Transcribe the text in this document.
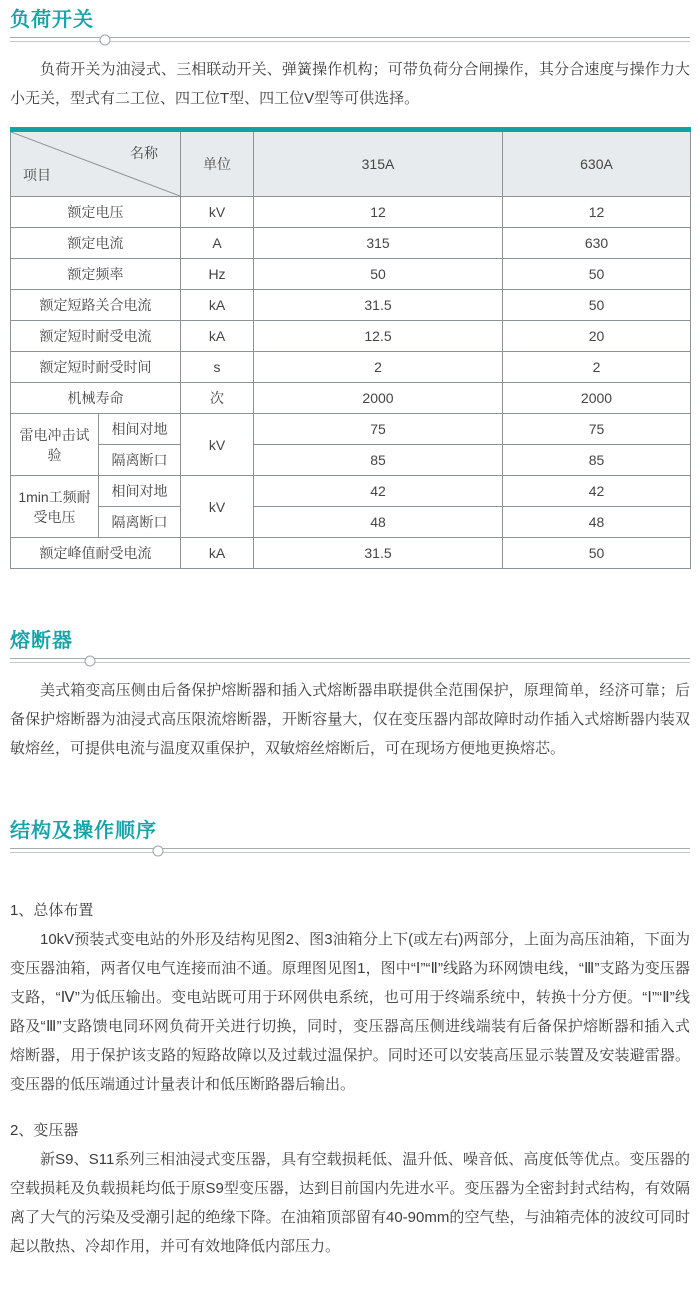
负荷开关

负荷开关为油浸式、三相联动开关、弹簧操作机构；可带负荷分合闸操作，其分合速度与操作力大小无关，型式有二工位、四工位T型、四工位V型等可供选择。

名称
项目		单位	315A	630A
额定电压		kV	12	12
额定电流		A	315	630
额定频率		Hz	50	50
额定短路关合电流		kA	31.5	50
额定短时耐受电流		kA	12.5	20
额定短时耐受时间		s	2	2
机械寿命		次	2000	2000
雷电冲击试验	相间对地	kV	75	75
	隔离断口		85	85
1min工频耐受电压	相间对地	kV	42	42
	隔离断口		48	48
额定峰值耐受电流		kA	31.5	50
熔断器

美式箱变高压侧由后备保护熔断器和插入式熔断器串联提供全范围保护，原理简单，经济可靠；后备保护熔断器为油浸式高压限流熔断器，开断容量大，仅在变压器内部故障时动作插入式熔断器内装双敏熔丝，可提供电流与温度双重保护，双敏熔丝熔断后，可在现场方便地更换熔芯。

结构及操作顺序
1、总体布置

10kV预装式变电站的外形及结构见图2、图3油箱分上下(或左右)两部分，上面为高压油箱，下面为变压器油箱，两者仅电气连接而油不通。原理图见图1，图中“Ⅰ”“Ⅱ”线路为环网馈电线，“Ⅲ”支路为变压器支路，“Ⅳ”为低压输出。变电站既可用于环网供电系统，也可用于终端系统中，转换十分方便。“Ⅰ”“Ⅱ”线路及“Ⅲ”支路馈电同环网负荷开关进行切换，同时，变压器高压侧进线端装有后备保护熔断器和插入式熔断器，用于保护该支路的短路故障以及过载过温保护。同时还可以安装高压显示装置及安装避雷器。变压器的低压端通过计量表计和低压断路器后输出。

2、变压器

新S9、S11系列三相油浸式变压器，具有空载损耗低、温升低、噪音低、高度低等优点。变压器的空载损耗及负载损耗均低于原S9型变压器，达到目前国内先进水平。变压器为全密封封式结构，有效隔离了大气的污染及受潮引起的绝缘下降。在油箱顶部留有40-90mm的空气垫，与油箱壳体的波纹可同时起以散热、冷却作用，并可有效地降低内部压力。
